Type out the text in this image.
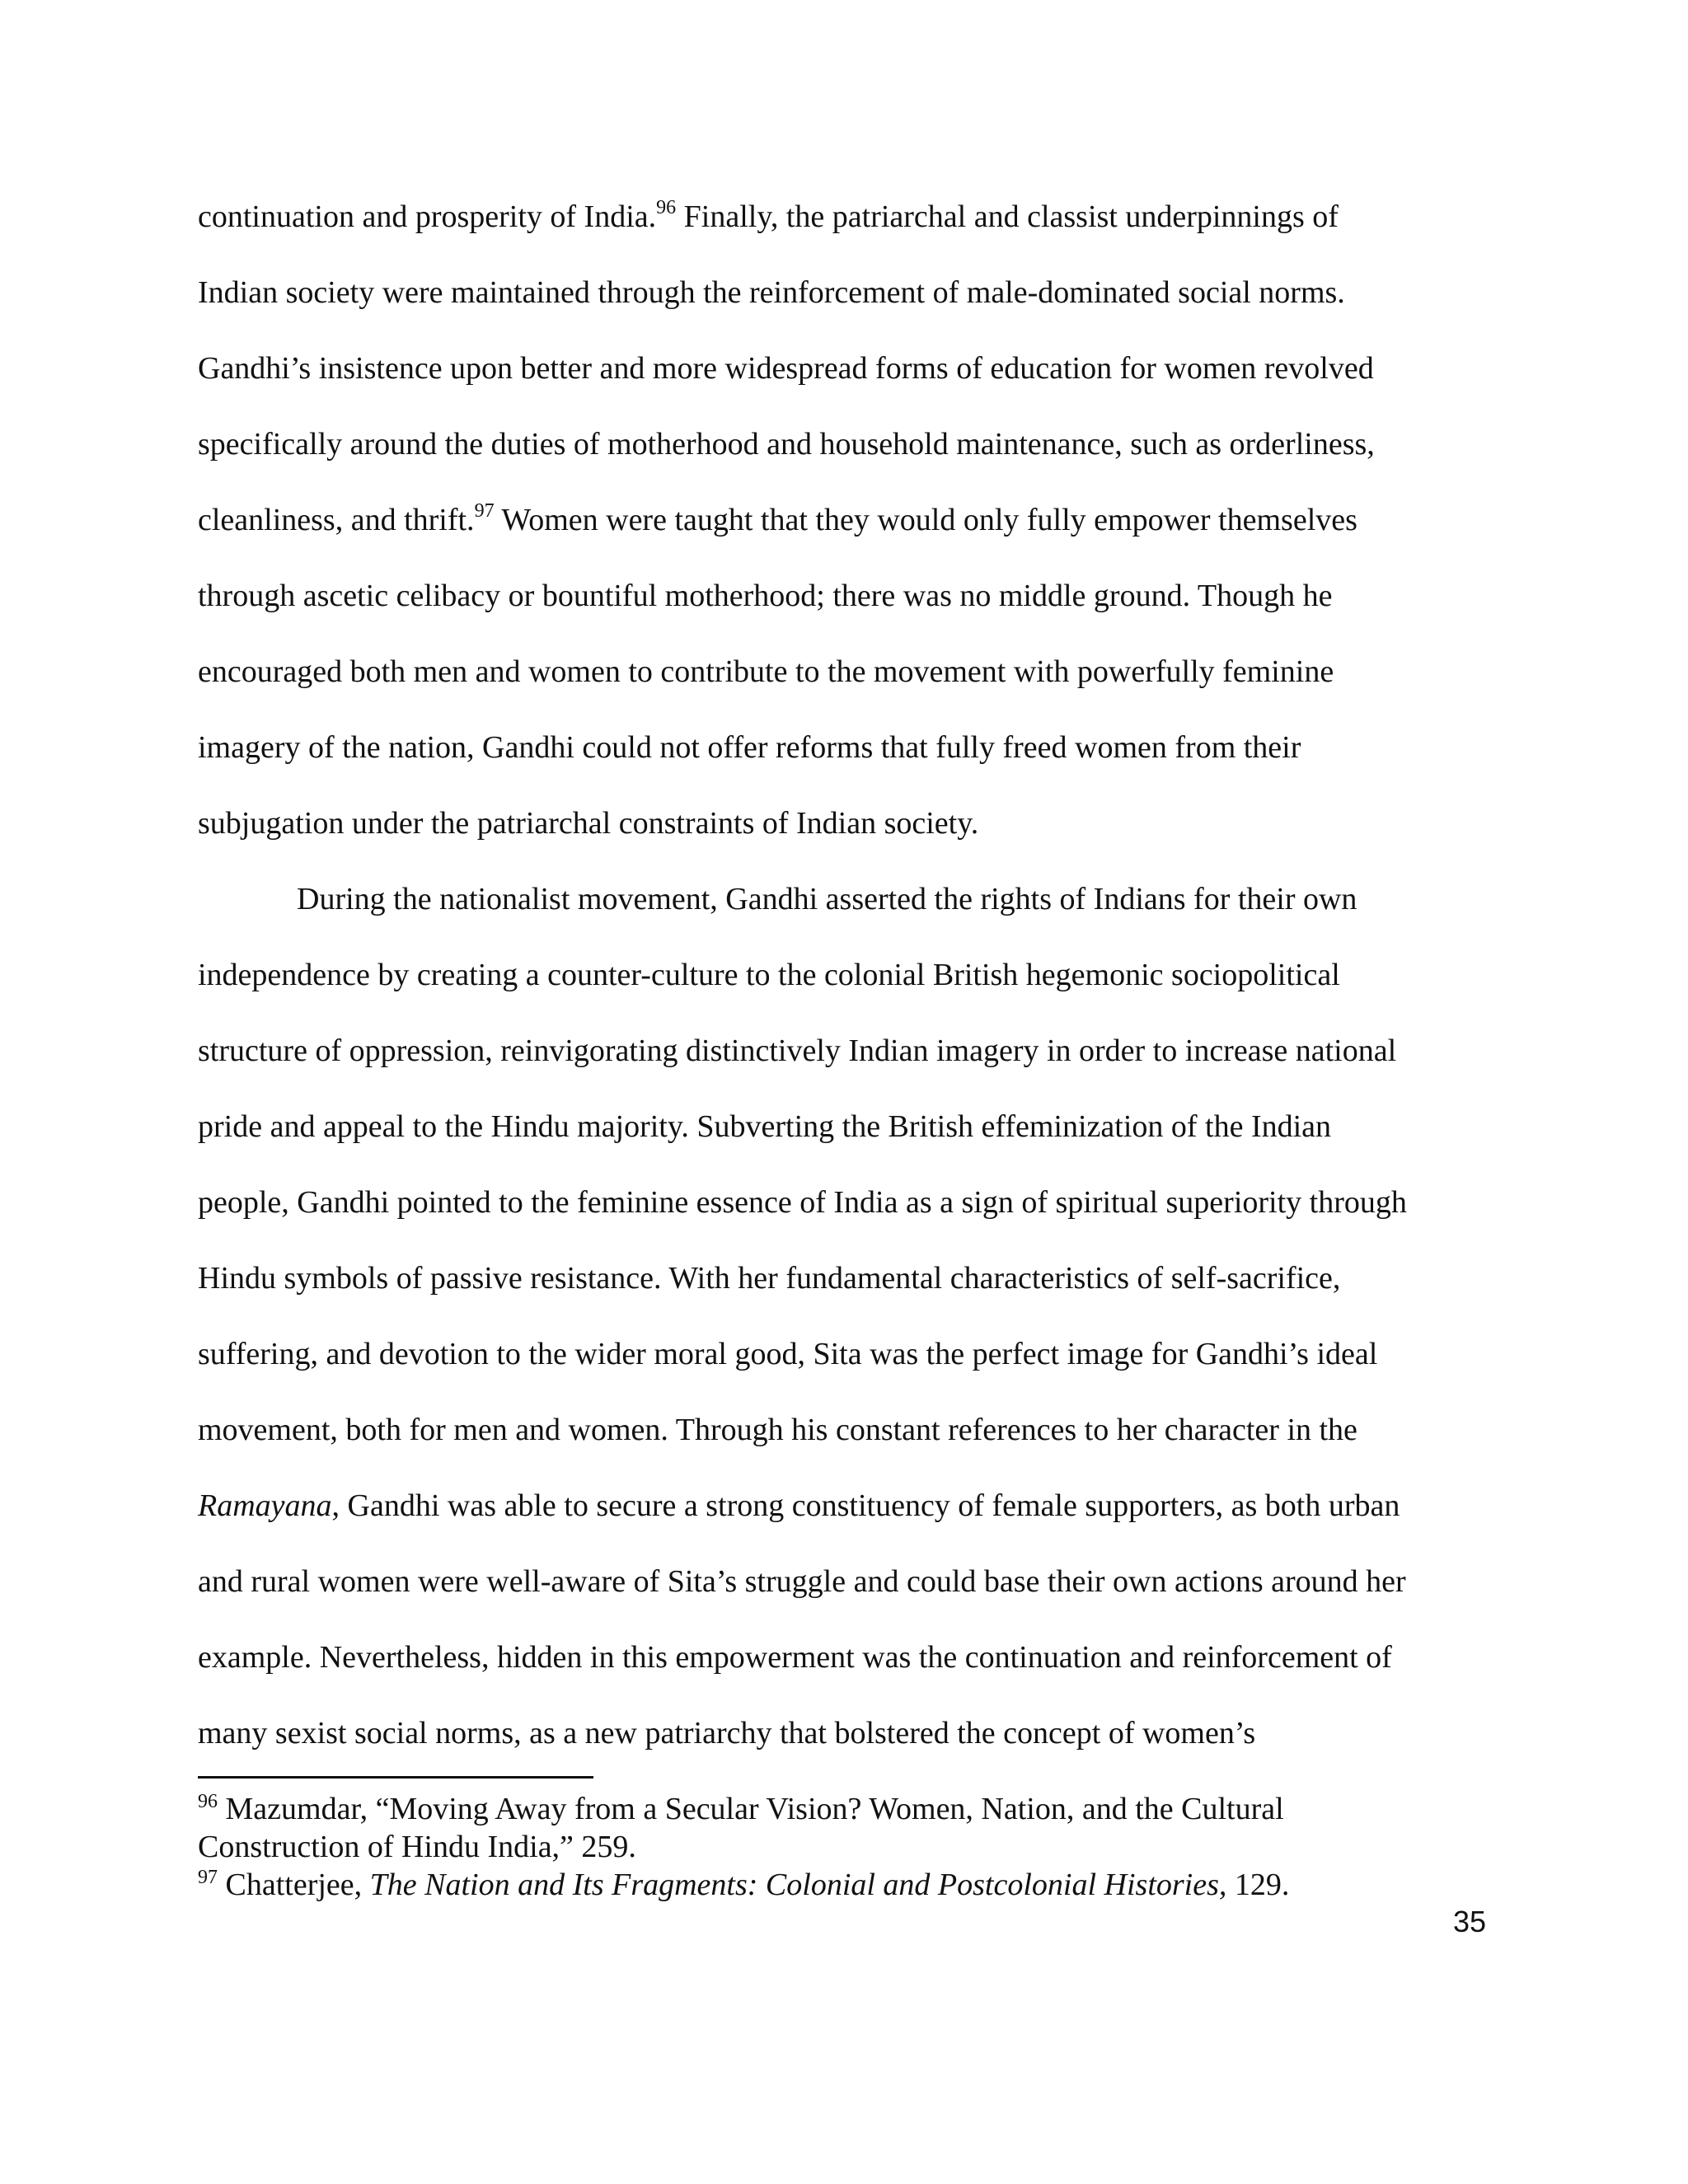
continuation and prosperity of India.$^{96}$ Finally, the patriarchal and classist underpinnings of
Indian society were maintained through the reinforcement of male-dominated social norms.
Gandhi’s insistence upon better and more widespread forms of education for women revolved
specifically around the duties of motherhood and household maintenance, such as orderliness,
cleanliness, and thrift.$^{97}$ Women were taught that they would only fully empower themselves
through ascetic celibacy or bountiful motherhood; there was no middle ground. Though he
encouraged both men and women to contribute to the movement with powerfully feminine
imagery of the nation, Gandhi could not offer reforms that fully freed women from their
subjugation under the patriarchal constraints of Indian society.
During the nationalist movement, Gandhi asserted the rights of Indians for their own
independence by creating a counter-culture to the colonial British hegemonic sociopolitical
structure of oppression, reinvigorating distinctively Indian imagery in order to increase national
pride and appeal to the Hindu majority. Subverting the British effeminization of the Indian
people, Gandhi pointed to the feminine essence of India as a sign of spiritual superiority through
Hindu symbols of passive resistance. With her fundamental characteristics of self-sacrifice,
suffering, and devotion to the wider moral good, Sita was the perfect image for Gandhi’s ideal
movement, both for men and women. Through his constant references to her character in the
Ramayana, Gandhi was able to secure a strong constituency of female supporters, as both urban
and rural women were well-aware of Sita’s struggle and could base their own actions around her
example. Nevertheless, hidden in this empowerment was the continuation and reinforcement of
many sexist social norms, as a new patriarchy that bolstered the concept of women’s
$^{96}$ Mazumdar, “Moving Away from a Secular Vision? Women, Nation, and the Cultural
Construction of Hindu India,” 259.
$^{97}$ Chatterjee, The Nation and Its Fragments: Colonial and Postcolonial Histories, 129.
35
